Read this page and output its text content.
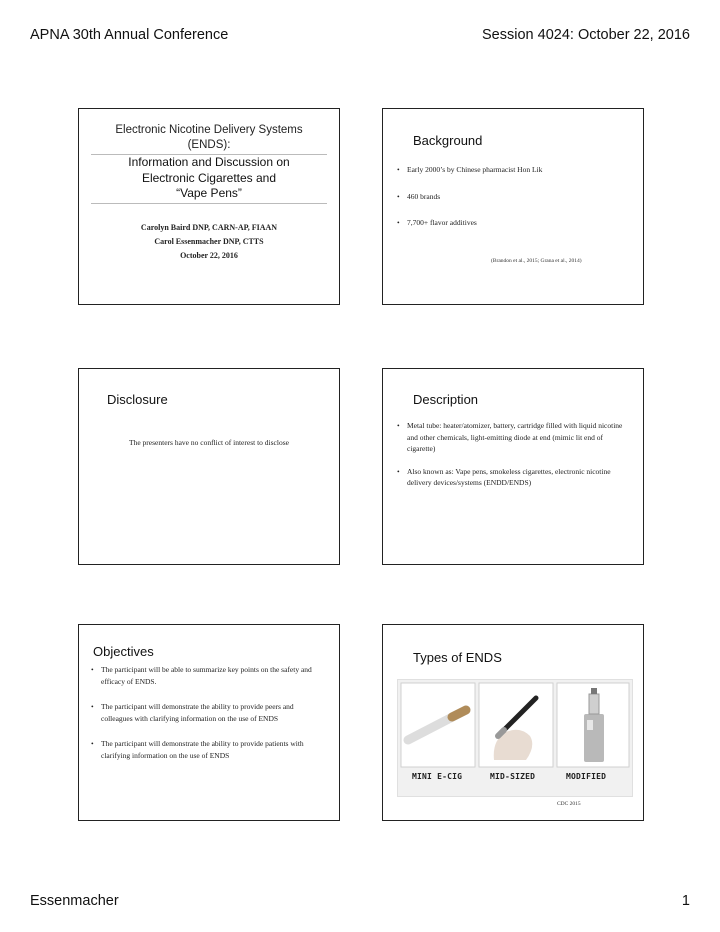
APNA 30th Annual Conference	Session 4024: October 22, 2016
Electronic Nicotine Delivery Systems
(ENDS):
Information and Discussion on
Electronic Cigarettes and
“Vape Pens”
Carolyn Baird DNP, CARN-AP, FIAAN
Carol Essenmacher DNP, CTTS
October 22, 2016
Background
• Early 2000’s by Chinese pharmacist Hon Lik
• 460 brands
• 7,700+ flavor additives
(Brandon et al., 2015; Grana et al., 2014)
Disclosure
The presenters have no conflict of interest to disclose
Description
• Metal tube: heater/atomizer, battery, cartridge filled with liquid nicotine and other chemicals, light-emitting diode at end (mimic lit end of cigarette)
• Also known as: Vape pens, smokeless cigarettes, electronic nicotine delivery devices/systems (ENDD/ENDS)
Objectives
• The participant will be able to summarize key points on the safety and efficacy of ENDS.
• The participant will demonstrate the ability to provide peers and colleagues with clarifying information on the use of ENDS
• The participant will demonstrate the ability to provide patients with clarifying information on the use of ENDS
Types of ENDS
MINI E-CIG	MID-SIZED	MODIFIED
CDC 2015
Essenmacher	1
